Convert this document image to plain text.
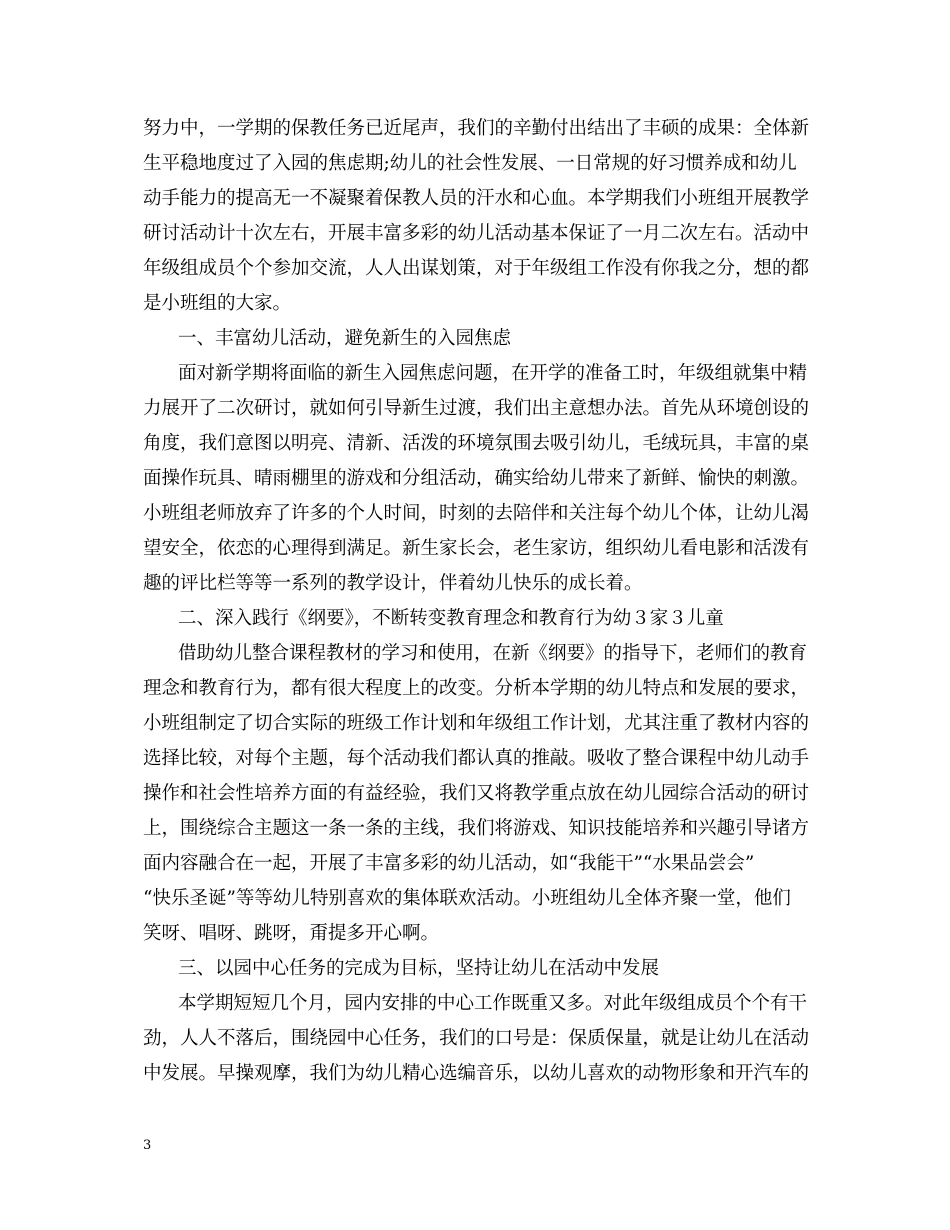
努力中，一学期的保教任务已近尾声，我们的辛勤付出结出了丰硕的成果：全体新
生平稳地度过了入园的焦虑期;幼儿的社会性发展、一日常规的好习惯养成和幼儿
动手能力的提高无一不凝聚着保教人员的汗水和心血。本学期我们小班组开展教学
研讨活动计十次左右，开展丰富多彩的幼儿活动基本保证了一月二次左右。活动中
年级组成员个个参加交流，人人出谋划策，对于年级组工作没有你我之分，想的都
是小班组的大家。
一、丰富幼儿活动，避免新生的入园焦虑
面对新学期将面临的新生入园焦虑问题，在开学的准备工时，年级组就集中精
力展开了二次研讨，就如何引导新生过渡，我们出主意想办法。首先从环境创设的
角度，我们意图以明亮、清新、活泼的环境氛围去吸引幼儿，毛绒玩具，丰富的桌
面操作玩具、晴雨棚里的游戏和分组活动，确实给幼儿带来了新鲜、愉快的刺激。
小班组老师放弃了许多的个人时间，时刻的去陪伴和关注每个幼儿个体，让幼儿渴
望安全，依恋的心理得到满足。新生家长会，老生家访，组织幼儿看电影和活泼有
趣的评比栏等等一系列的教学设计，伴着幼儿快乐的成长着。
二、深入践行《纲要》，不断转变教育理念和教育行为幼３家３儿童
借助幼儿整合课程教材的学习和使用，在新《纲要》的指导下，老师们的教育
理念和教育行为，都有很大程度上的改变。分析本学期的幼儿特点和发展的要求，
小班组制定了切合实际的班级工作计划和年级组工作计划，尤其注重了教材内容的
选择比较，对每个主题，每个活动我们都认真的推敲。吸收了整合课程中幼儿动手
操作和社会性培养方面的有益经验，我们又将教学重点放在幼儿园综合活动的研讨
上，围绕综合主题这一条一条的主线，我们将游戏、知识技能培养和兴趣引导诸方
面内容融合在一起，开展了丰富多彩的幼儿活动，如“我能干”“水果品尝会”
“快乐圣诞”等等幼儿特别喜欢的集体联欢活动。小班组幼儿全体齐聚一堂，他们
笑呀、唱呀、跳呀，甭提多开心啊。
三、以园中心任务的完成为目标，坚持让幼儿在活动中发展
本学期短短几个月，园内安排的中心工作既重又多。对此年级组成员个个有干
劲，人人不落后，围绕园中心任务，我们的口号是：保质保量，就是让幼儿在活动
中发展。早操观摩，我们为幼儿精心选编音乐，以幼儿喜欢的动物形象和开汽车的
3
